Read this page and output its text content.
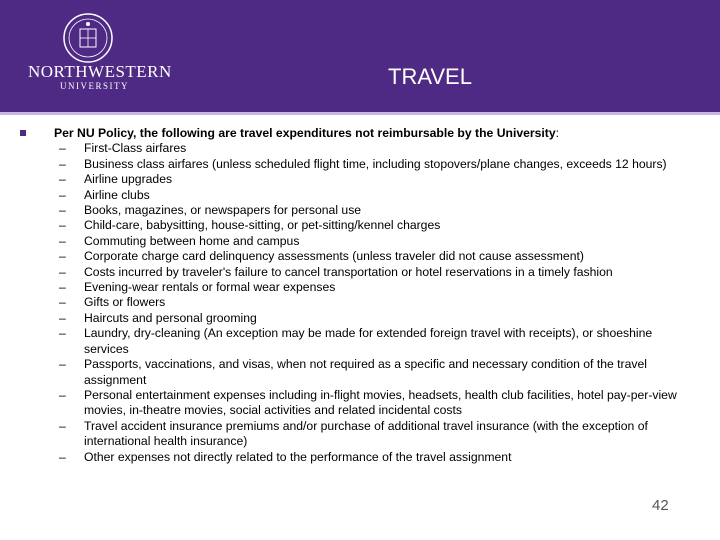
NORTHWESTERN
UNIVERSITY	TRAVEL
Per NU Policy, the following are travel expenditures not reimbursable by the University:
– First-Class airfares
– Business class airfares (unless scheduled flight time, including stopovers/plane changes, exceeds 12 hours)
– Airline upgrades
– Airline clubs
– Books, magazines, or newspapers for personal use
– Child-care, babysitting, house-sitting, or pet-sitting/kennel charges
– Commuting between home and campus
– Corporate charge card delinquency assessments (unless traveler did not cause assessment)
– Costs incurred by traveler's failure to cancel transportation or hotel reservations in a timely fashion
– Evening-wear rentals or formal wear expenses
– Gifts or flowers
– Haircuts and personal grooming
– Laundry, dry-cleaning (An exception may be made for extended foreign travel with receipts), or shoeshine services
– Passports, vaccinations, and visas, when not required as a specific and necessary condition of the travel assignment
– Personal entertainment expenses including in-flight movies, headsets, health club facilities, hotel pay-per-view movies, in-theatre movies, social activities and related incidental costs
– Travel accident insurance premiums and/or purchase of additional travel insurance (with the exception of international health insurance)
– Other expenses not directly related to the performance of the travel assignment
42
